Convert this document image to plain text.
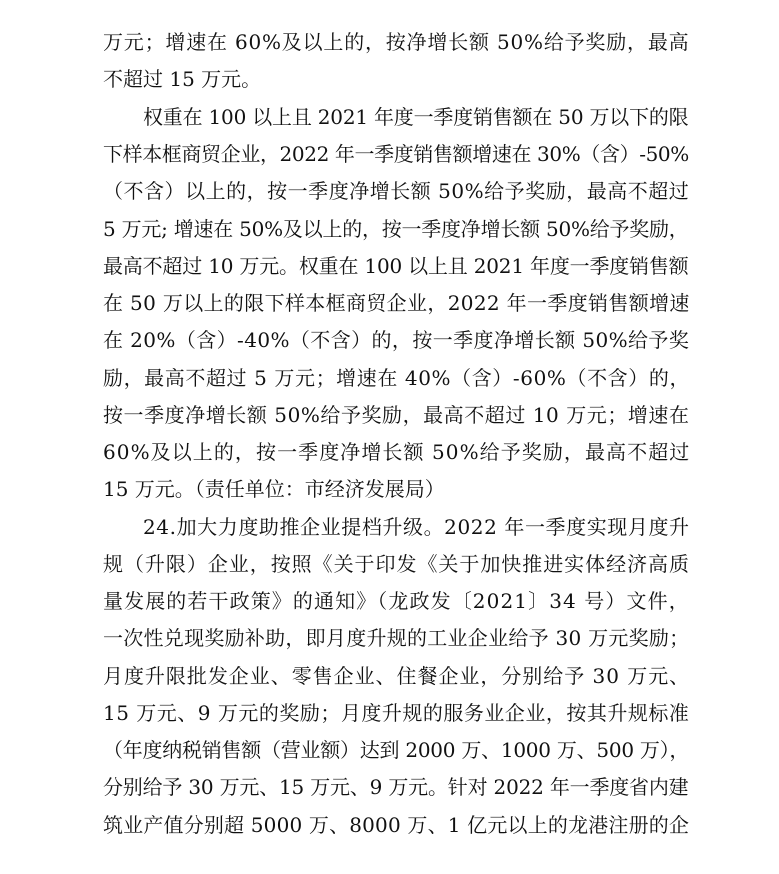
万元；增速在 60%及以上的，按净增长额 50%给予奖励，最高
不超过 15 万元。
权重在 100 以上且 2021 年度一季度销售额在 50 万以下的限
下样本框商贸企业，2022 年一季度销售额增速在 30%（含）-50%
（不含）以上的，按一季度净增长额 50%给予奖励，最高不超过
5 万元; 增速在 50%及以上的，按一季度净增长额 50%给予奖励，
最高不超过 10 万元。权重在 100 以上且 2021 年度一季度销售额
在 50 万以上的限下样本框商贸企业，2022 年一季度销售额增速
在 20%（含）-40%（不含）的，按一季度净增长额 50%给予奖
励，最高不超过 5 万元；增速在 40%（含）-60%（不含）的，
按一季度净增长额 50%给予奖励，最高不超过 10 万元；增速在
60%及以上的，按一季度净增长额 50%给予奖励，最高不超过
15 万元。（责任单位：市经济发展局）
24.加大力度助推企业提档升级。2022 年一季度实现月度升
规（升限）企业，按照《关于印发《关于加快推进实体经济高质
量发展的若干政策》的通知》（龙政发〔2021〕34 号）文件，
一次性兑现奖励补助，即月度升规的工业企业给予 30 万元奖励；
月度升限批发企业、零售企业、住餐企业，分别给予 30 万元、
15 万元、9 万元的奖励；月度升规的服务业企业，按其升规标准
（年度纳税销售额（营业额）达到 2000 万、1000 万、500 万），
分别给予 30 万元、15 万元、9 万元。针对 2022 年一季度省内建
筑业产值分别超 5000 万、8000 万、1 亿元以上的龙港注册的企
